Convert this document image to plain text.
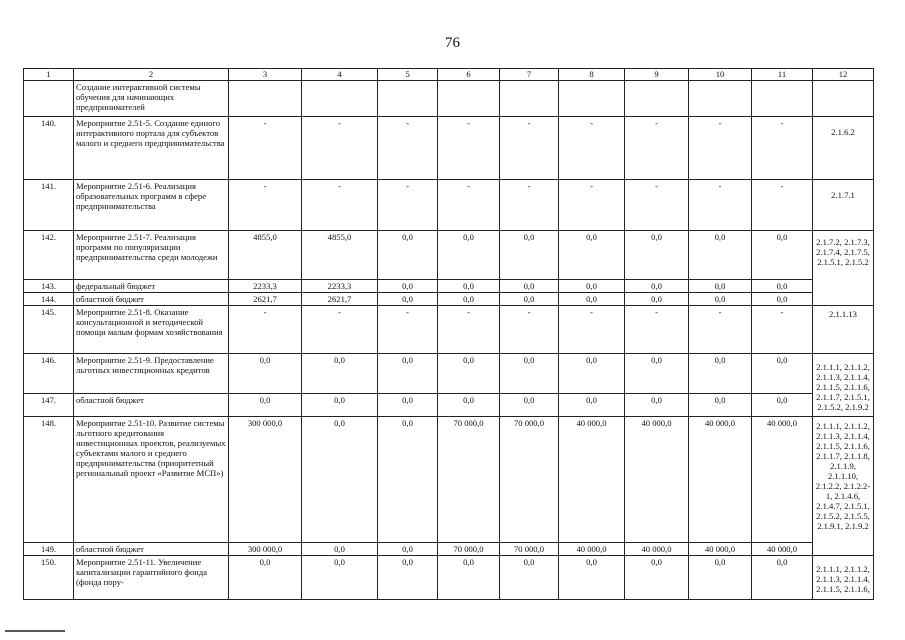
76
1	2	3	4	5	6	7	8	9	10	11	12
	Создание интерактивной системы обучения для начинающих предпринимателей										
140.	Мероприятие 2.51-5. Создание единого интерактивного портала для субъектов малого и среднего предпринимательства	-	-	-	-	-	-	-	-	-	2.1.6.2
141.	Мероприятие 2.51-6. Реализация образовательных программ в сфере предпринимательства	-	-	-	-	-	-	-	-	-	2.1.7.1
142.	Мероприятие 2.51-7. Реализация программ по популяризации предпринимательства среди молодежи	4855,0	4855,0	0,0	0,0	0,0	0,0	0,0	0,0	0,0	2.1.7.2, 2.1.7.3, 2.1.7.4, 2.1.7.5, 2.1.5.1, 2.1.5.2
143.	федеральный бюджет	2233,3	2233,3	0,0	0,0	0,0	0,0	0,0	0,0	0,0	
144.	областной бюджет	2621,7	2621,7	0,0	0,0	0,0	0,0	0,0	0,0	0,0	
145.	Мероприятие 2.51-8. Оказание консультационной и методической помощи малым формам хозяйствования	-	-	-	-	-	-	-	-	-	2.1.1.13
146.	Мероприятие 2.51-9. Предоставление льготных инвестиционных кредитов	0,0	0,0	0,0	0,0	0,0	0,0	0,0	0,0	0,0	2.1.1.1, 2.1.1.2, 2.1.1.3, 2.1.1.4, 2.1.1.5, 2.1.1.6, 2.1.1.7, 2.1.5.1, 2.1.5.2, 2.1.9.2
147.	областной бюджет	0,0	0,0	0,0	0,0	0,0	0,0	0,0	0,0	0,0	
148.	Мероприятие 2.51-10. Развитие системы льготного кредитования инвестиционных проектов, реализуемых субъектами малого и среднего предпринимательства (приоритетный региональный проект «Развитие МСП»)	300 000,0	0,0	0,0	70 000,0	70 000,0	40 000,0	40 000,0	40 000,0	40 000,0	2.1.1.1, 2.1.1.2, 2.1.1.3, 2.1.1.4, 2.1.1.5, 2.1.1.6, 2.1.1.7, 2.1.1.8, 2.1.1.9, 2.1.1.10, 2.1.2.2, 2.1.2.2-1, 2.1.4.6, 2.1.4.7, 2.1.5.1, 2.1.5.2, 2.1.5.5, 2.1.9.1, 2.1.9.2
149.	областной бюджет	300 000,0	0,0	0,0	70 000,0	70 000,0	40 000,0	40 000,0	40 000,0	40 000,0	
150.	Мероприятие 2.51-11. Увеличение капитализации гарантийного фонда (фонда пору-	0,0	0,0	0,0	0,0	0,0	0,0	0,0	0,0	0,0	2.1.1.1, 2.1.1.2, 2.1.1.3, 2.1.1.4, 2.1.1.5, 2.1.1.6,
